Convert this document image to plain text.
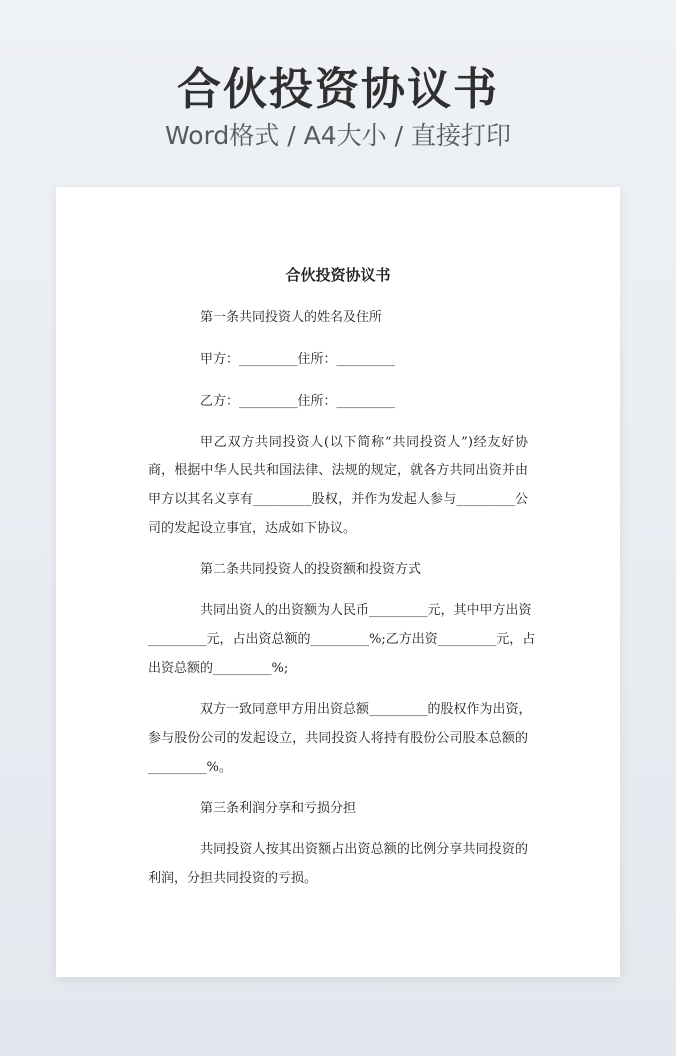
合伙投资协议书
Word格式 / A4大小 / 直接打印
合伙投资协议书
第一条共同投资人的姓名及住所
甲方：_________住所：_________
乙方：_________住所：_________
甲乙双方共同投资人(以下简称“共同投资人”)经友好协
商，根据中华人民共和国法律、法规的规定，就各方共同出资并由
甲方以其名义享有_________股权，并作为发起人参与_________公
司的发起设立事宜，达成如下协议。
第二条共同投资人的投资额和投资方式
共同出资人的出资额为人民币_________元，其中甲方出资
_________元，占出资总额的_________%;乙方出资_________元，占
出资总额的_________%;
双方一致同意甲方用出资总额_________的股权作为出资，
参与股份公司的发起设立，共同投资人将持有股份公司股本总额的
_________%。
第三条利润分享和亏损分担
共同投资人按其出资额占出资总额的比例分享共同投资的
利润，分担共同投资的亏损。
